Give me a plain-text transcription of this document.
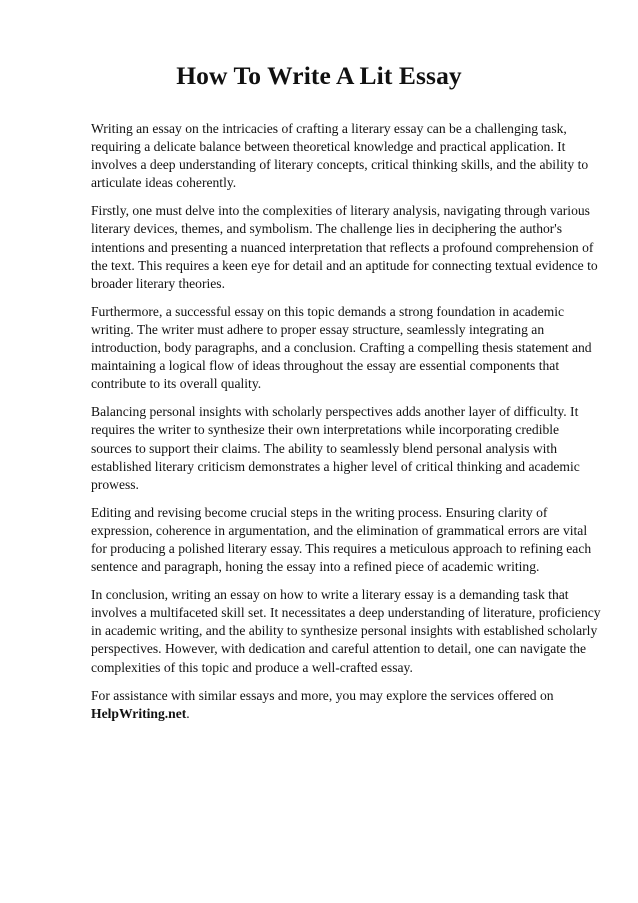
How To Write A Lit Essay

Writing an essay on the intricacies of crafting a literary essay can be a challenging task, requiring a delicate balance between theoretical knowledge and practical application. It involves a deep understanding of literary concepts, critical thinking skills, and the ability to articulate ideas coherently.

Firstly, one must delve into the complexities of literary analysis, navigating through various literary devices, themes, and symbolism. The challenge lies in deciphering the author's intentions and presenting a nuanced interpretation that reflects a profound comprehension of the text. This requires a keen eye for detail and an aptitude for connecting textual evidence to broader literary theories.

Furthermore, a successful essay on this topic demands a strong foundation in academic writing. The writer must adhere to proper essay structure, seamlessly integrating an introduction, body paragraphs, and a conclusion. Crafting a compelling thesis statement and maintaining a logical flow of ideas throughout the essay are essential components that contribute to its overall quality.

Balancing personal insights with scholarly perspectives adds another layer of difficulty. It requires the writer to synthesize their own interpretations while incorporating credible sources to support their claims. The ability to seamlessly blend personal analysis with established literary criticism demonstrates a higher level of critical thinking and academic prowess.

Editing and revising become crucial steps in the writing process. Ensuring clarity of expression, coherence in argumentation, and the elimination of grammatical errors are vital for producing a polished literary essay. This requires a meticulous approach to refining each sentence and paragraph, honing the essay into a refined piece of academic writing.

In conclusion, writing an essay on how to write a literary essay is a demanding task that involves a multifaceted skill set. It necessitates a deep understanding of literature, proficiency in academic writing, and the ability to synthesize personal insights with established scholarly perspectives. However, with dedication and careful attention to detail, one can navigate the complexities of this topic and produce a well-crafted essay.

For assistance with similar essays and more, you may explore the services offered on
HelpWriting.net.
